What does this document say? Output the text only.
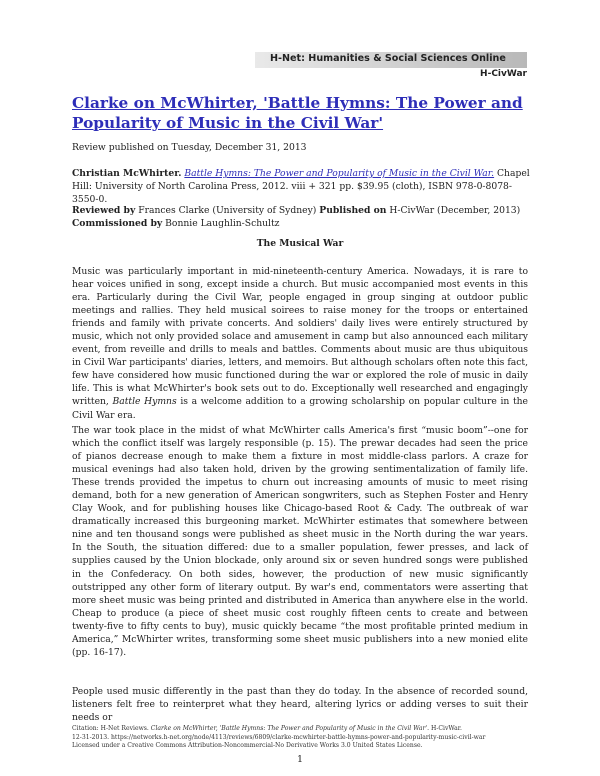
H-Net: Humanities & Social Sciences Online
H-CivWar
Clarke on McWhirter, 'Battle Hymns: The Power and Popularity of Music in the Civil War'
Review published on Tuesday, December 31, 2013
Christian McWhirter. Battle Hymns: The Power and Popularity of Music in the Civil War. Chapel Hill: University of North Carolina Press, 2012. viii + 321 pp. $39.95 (cloth), ISBN 978-0-8078-3550-0.
Reviewed by Frances Clarke (University of Sydney) Published on H-CivWar (December, 2013)
Commissioned by Bonnie Laughlin-Schultz
The Musical War

Music was particularly important in mid-nineteenth-century America. Nowadays, it is rare to hear voices unified in song, except inside a church. But music accompanied most events in this era. Particularly during the Civil War, people engaged in group singing at outdoor public meetings and rallies. They held musical soirees to raise money for the troops or entertained friends and family with private concerts. And soldiers' daily lives were entirely structured by music, which not only provided solace and amusement in camp but also announced each military event, from reveille and drills to meals and battles. Comments about music are thus ubiquitous in Civil War participants' diaries, letters, and memoirs. But although scholars often note this fact, few have considered how music functioned during the war or explored the role of music in daily life. This is what McWhirter's book sets out to do. Exceptionally well researched and engagingly written, Battle Hymns is a welcome addition to a growing scholarship on popular culture in the Civil War era.

The war took place in the midst of what McWhirter calls America's first “music boom”--one for which the conflict itself was largely responsible (p. 15). The prewar decades had seen the price of pianos decrease enough to make them a fixture in most middle-class parlors. A craze for musical evenings had also taken hold, driven by the growing sentimentalization of family life. These trends provided the impetus to churn out increasing amounts of music to meet rising demand, both for a new generation of American songwriters, such as Stephen Foster and Henry Clay Wook, and for publishing houses like Chicago-based Root & Cady. The outbreak of war dramatically increased this burgeoning market. McWhirter estimates that somewhere between nine and ten thousand songs were published as sheet music in the North during the war years. In the South, the situation differed: due to a smaller population, fewer presses, and lack of supplies caused by the Union blockade, only around six or seven hundred songs were published in the Confederacy. On both sides, however, the production of new music significantly outstripped any other form of literary output. By war's end, commentators were asserting that more sheet music was being printed and distributed in America than anywhere else in the world. Cheap to produce (a piece of sheet music cost roughly fifteen cents to create and between twenty-five to fifty cents to buy), music quickly became “the most profitable printed medium in America,” McWhirter writes, transforming some sheet music publishers into a new monied elite (pp. 16-17).

People used music differently in the past than they do today. In the absence of recorded sound, listeners felt free to reinterpret what they heard, altering lyrics or adding verses to suit their needs or

Citation: H-Net Reviews. Clarke on McWhirter, 'Battle Hymns: The Power and Popularity of Music in the Civil War'. H-CivWar.
12-31-2013. https://networks.h-net.org/node/4113/reviews/6809/clarke-mcwhirter-battle-hymns-power-and-popularity-music-civil-war
Licensed under a Creative Commons Attribution-Noncommercial-No Derivative Works 3.0 United States License.
1
